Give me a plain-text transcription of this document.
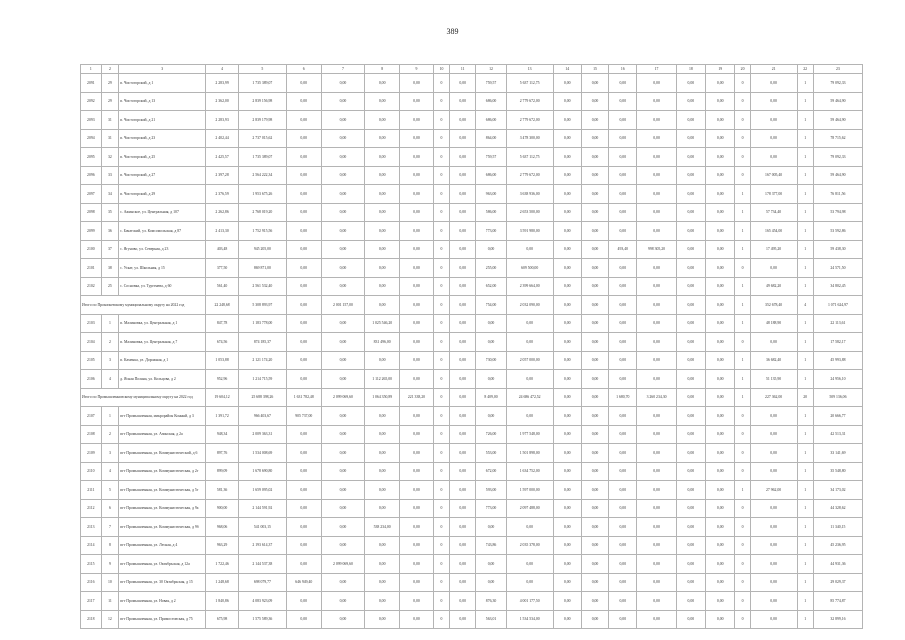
389
1	2	3	4	5	6	7	8	9	10	11	12	13	14	15	16	17	18	19	20	21	22	23
2091	29	п. Чистогорский, д 1	2 283,99	1 735 389,07	0,00	0,00	0,00	0,00	0	0,00	759,57	5 637 112,75	0,00	0,00	0,00	0,00	0,00	0,00	0	0,00	1	79 092,33
2092	29	п. Чистогорский, д 13	2 362,00	2 839 156,98	0,00	0,00	0,00	0,00	0	0,00	686,00	2 779 672,00	0,00	0,00	0,00	0,00	0,00	0,00	0	0,00	1	59 464,90
2093	31	п. Чистогорский, д 21	2 283,93	2 839 179,98	0,00	0,00	0,00	0,00	0	0,00	686,00	2 779 672,00	0,00	0,00	0,00	0,00	0,00	0,00	0	0,00	1	59 464,90
2094	31	п. Чистогорский, д 23	2 402,44	2 737 015,62	0,00	0,00	0,00	0,00	0	0,00	864,00	3 478 300,00	0,00	0,00	0,00	0,00	0,00	0,00	0	0,00	1	78 715,62
2095	32	п. Чистогорский, д 25	2 425,57	1 735 389,07	0,00	0,00	0,00	0,00	0	0,00	759,57	5 637 112,75	0,00	0,00	0,00	0,00	0,00	0,00	0	0,00	1	79 092,33
2096	33	п. Чистогорский, д 27	2 397,28	2 564 222,34	0,00	0,00	0,00	0,00	0	0,00	686,00	2 779 672,00	0,00	0,00	0,00	0,00	0,00	0,00	0	167 005,40	1	59 464,90
2097	34	п. Чистогорский, д 29	2 376,59	1 953 675,26	0,00	0,00	0,00	0,00	0	0,00	963,00	3 638 936,00	0,00	0,00	0,00	0,00	0,00	0,00	1	178 377,00	1	76 811,56
2098	35	с. Ажинское, ул. Центральная, д 107	2 262,86	2 768 019,20	0,00	0,00	0,00	0,00	0	0,00	586,00	2 653 500,00	0,00	0,00	0,00	0,00	0,00	0,00	1	57 734,40	1	53 794,98
2099	36	с. Бачатский, ул. Комсомольская, д 87	2 413,30	1 752 915,56	0,00	0,00	0,00	0,00	0	0,00	773,00	3 591 980,00	0,00	0,00	0,00	0,00	0,00	0,00	1	165 454,00	1	53 592,86
2100	37	с. Ягуново, ул. Северная, д 23	403,48	945 205,00	0,00	0,00	0,00	0,00	0	0,00	0,00	0,00	0,00	0,00	493,40	998 305,20	0,00	0,00	1	17 495,20	1	59 438,30
2101	38	с. Ускат, ул. Школьная, д 15	377,50	869 871,00	0,00	0,00	0,00	0,00	0	0,00	255,00	609 500,00	0,00	0,00	0,00	0,00	0,00	0,00	0	0,00	1	24 571,50
2102	25	с. Сосновка, ул. Тургенева, д 60	561,40	2 561 532,40	0,00	0,00	0,00	0,00	0	0,00	652,00	2 399 664,00	0,00	0,00	0,00	0,00	0,00	0,00	1	49 682,20	1	34 802,45
Итого по Прокопьевскому муниципальному округу на 2022 год			22 248,68	5 308 893,97	0,00	2 001 157,00	0,00	0,00	0	0,00	754,00	2 032 090,00	0,00	0,00	0,00	0,00	0,00	0,00	1	352 678,40	4	1 071 624,97
2103	1	п. Малиновка, ул. Центральная, д 1	847,78	1 183 778,00	0,00	0,00	1 025 546,20	0,00	0	0,00	0,00	0,00	0,00	0,00	0,00	0,00	0,00	0,00	1	48 188,90	1	22 113,61
2104	2	п. Малиновка, ул. Центральная, д 7	674,56	874 185,37	0,00	0,00	831 496,00	0,00	0	0,00	0,00	0,00	0,00	0,00	0,00	0,00	0,00	0,00	0	0,00	1	17 582,17
2105	3	п. Каменка, ул. Дорожная, д 1	1 053,88	2 121 174,20	0,00	0,00	0,00	0,00	0	0,00	730,00	2 057 000,00	0,00	0,00	0,00	0,00	0,00	0,00	1	36 682,40	1	45 993,88
2106	4	д. Ясная Поляна, ул. Кольцова, д 2	952,96	1 214 715,59	0,00	0,00	1 112 265,00	0,00	0	0,00	0,00	0,00	0,00	0,00	0,00	0,00	0,00	0,00	1	51 135,90	1	24 956,10
Итого по Промышленновскому муниципальному округу на 2022 год			19 604,12	25 688 398,26	1 631 782,48	2 099 069,60	1 064 350,89	221 338,20	0	0,00	8 409,00	24 686 472,52	0,00	0,00	1 680,70	3 260 234,30	0,00	0,00	1	227 362,00	20	509 136,06
2107	1	пгт Промышленная, микрорайон Конный, д 3	1 391,72	966 403,67	905 737,00	0,00	0,00	0,00	0	0,00	0,00	0,00	0,00	0,00	0,00	0,00	0,00	0,00	0	0,00	1	20 666,77
2108	2	пгт Промышленная, ул. Азинская, д 2а	948,34	2 009 363,31	0,00	0,00	0,00	0,00	0	0,00	726,00	1 977 548,00	0,00	0,00	0,00	0,00	0,00	0,00	0	0,00	1	42 513,31
2109	3	пгт Промышленная, ул. Коммунистический, д 6	897,76	1 534 008,69	0,00	0,00	0,00	0,00	0	0,00	553,00	1 501 898,00	0,00	0,00	0,00	0,00	0,00	0,00	0	0,00	1	33 141,69
2110	4	пгт Промышленная, ул. Коммунистическая, д 2г	899,09	1 678 690,80	0,00	0,00	0,00	0,00	0	0,00	672,00	1 634 752,00	0,00	0,00	0,00	0,00	0,00	0,00	0	0,00	1	35 548,80
2111	5	пгт Промышленная, ул. Коммунистическая, д 5г	581,36	1 659 095,02	0,00	0,00	0,00	0,00	0	0,00	593,00	1 597 000,00	0,00	0,00	0,00	0,00	0,00	0,00	1	27 962,00	1	34 173,02
2112	6	пгт Промышленная, ул. Коммунистическая, д 9а	900,00	2 144 591,92	0,00	0,00	0,00	0,00	0	0,00	773,00	2 097 488,00	0,00	0,00	0,00	0,00	0,00	0,00	0	0,00	1	44 328,62
2113	7	пгт Промышленная, ул. Коммунистическая, д 9б	968,06	541 003,15	0,00	0,00	538 234,00	0,00	0	0,00	0,00	0,00	0,00	0,00	0,00	0,00	0,00	0,00	0	0,00	1	11 340,15
2114	8	пгт Промышленная, ул. Лесная, д 4	963,29	2 193 614,37	0,00	0,00	0,00	0,00	0	0,00	743,86	2 035 378,00	0,00	0,00	0,00	0,00	0,00	0,00	0	0,00	1	45 236,95
2115	9	пгт Промышленная, ул. Октябрьская, д 12а	1 722,46	2 144 537,38	0,00	2 099 069,60	0,00	0,00	0	0,00	0,00	0,00	0,00	0,00	0,00	0,00	0,00	0,00	0	0,00	1	44 931,36
2116	10	пгт Промышленная, ул. 30 Октябрьская, д 15	1 248,68	698 079,77	646 949,40	0,00	0,00	0,00	0	0,00	0,00	0,00	0,00	0,00	0,00	0,00	0,00	0,00	0	0,00	1	29 029,37
2117	11	пгт Промышленная, ул. Новая, д 2	1 840,86	4 083 923,09	0,00	0,00	0,00	0,00	0	0,00	876,30	4 001 177,50	0,00	0,00	0,00	0,00	0,00	0,00	0	0,00	1	85 774,87
2118	12	пгт Промышленная, ул. Примостовская, д 75	675,98	1 575 589,36	0,00	0,00	0,00	0,00	0	0,00	563,01	1 534 534,00	0,00	0,00	0,00	0,00	0,00	0,00	0	0,00	1	32 899,16
